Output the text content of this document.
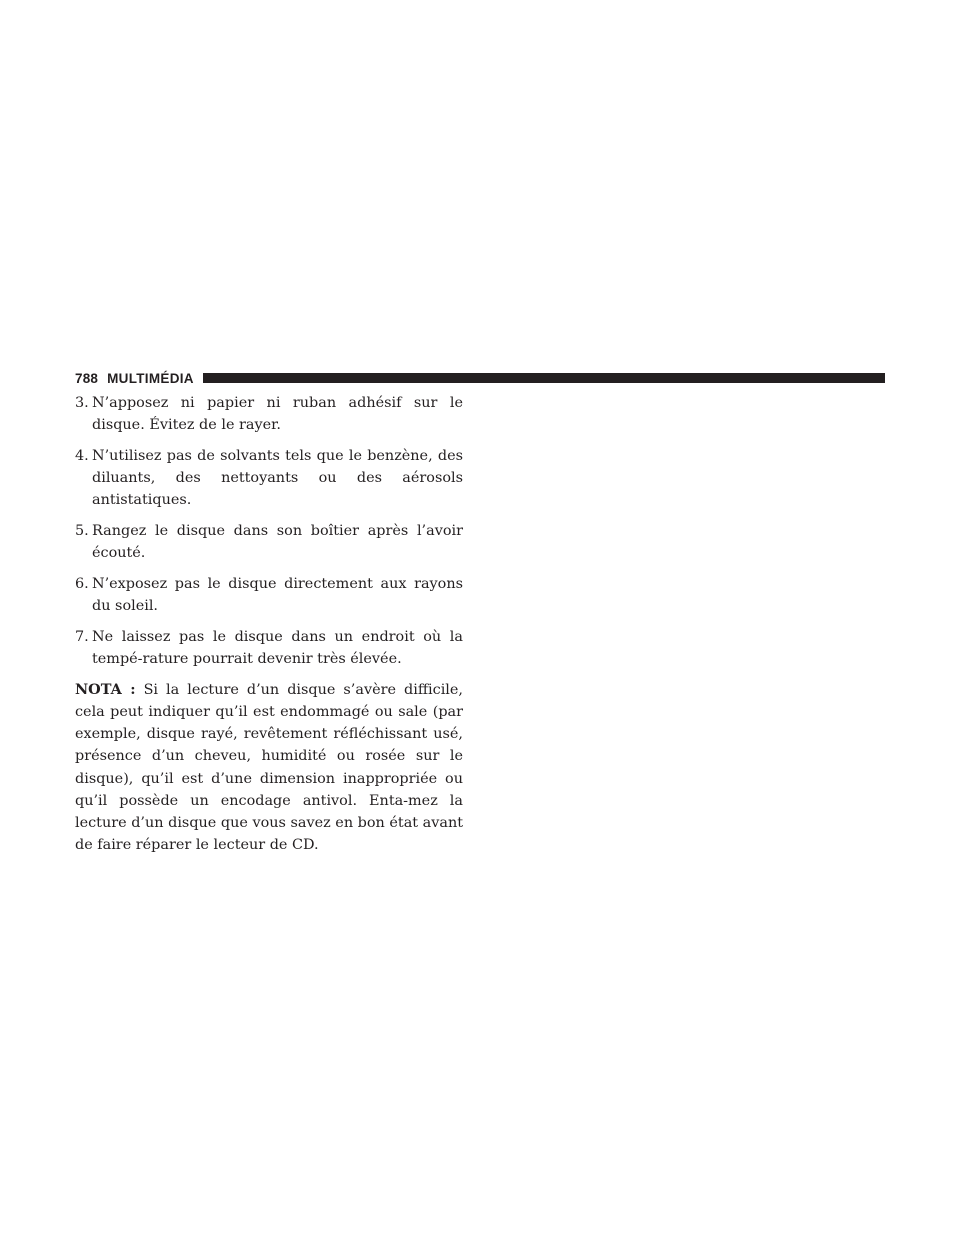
788 MULTIMÉDIA
3. N’apposez ni papier ni ruban adhésif sur le disque. Évitez de le rayer.
4. N’utilisez pas de solvants tels que le benzène, des diluants, des nettoyants ou des aérosols antistatiques.
5. Rangez le disque dans son boîtier après l’avoir écouté.
6. N’exposez pas le disque directement aux rayons du soleil.
7. Ne laissez pas le disque dans un endroit où la tempé-rature pourrait devenir très élevée.

NOTA : Si la lecture d’un disque s’avère difficile, cela peut indiquer qu’il est endommagé ou sale (par exemple, disque rayé, revêtement réfléchissant usé, présence d’un cheveu, humidité ou rosée sur le disque), qu’il est d’une dimension inappropriée ou qu’il possède un encodage antivol. Enta-mez la lecture d’un disque que vous savez en bon état avant de faire réparer le lecteur de CD.
